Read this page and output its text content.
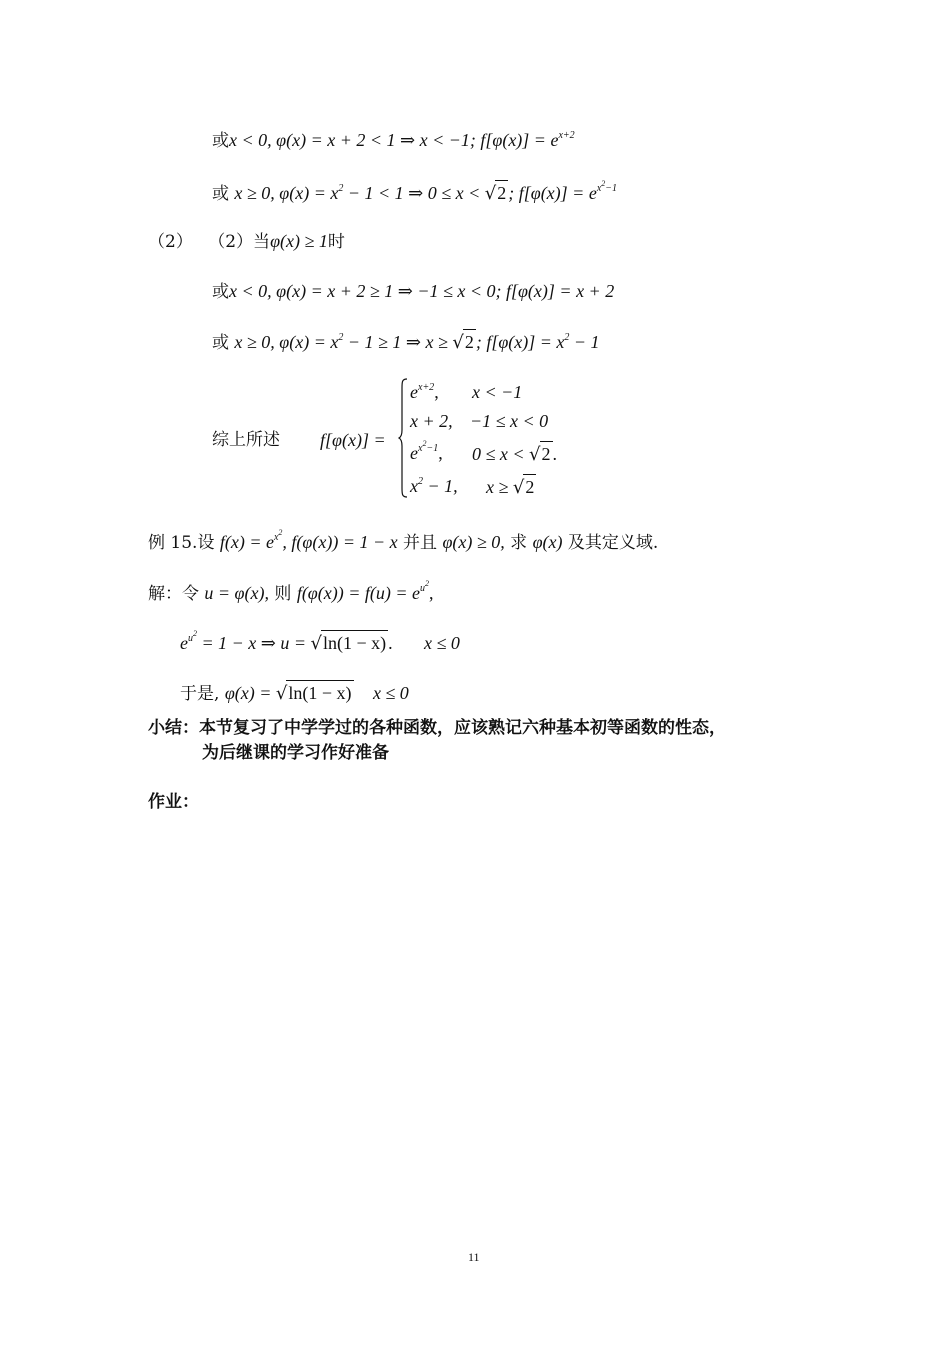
或x < 0, φ(x) = x + 2 < 1 ⇒ x < −1; $f[\varphi(x)] = e^{x+2}$
或 x ≥ 0, $\varphi(x) = x^2 - 1 < 1$ ⇒ 0 ≤ x < √2 ; $f[\varphi(x)] = e^{x^2-1}$
（2） （2）当φ(x) ≥ 1时
或x < 0, φ(x) = x + 2 ≥ 1 ⇒ −1 ≤ x < 0; f[φ(x)] = x + 2
或 x ≥ 0, $\varphi(x) = x^2 - 1 \ge 1$ ⇒ x ≥ √2 ; $f[\varphi(x)] = x^2 - 1$
综上所述 f[φ(x)] =
$e^{x+2}$, x < −1
x + 2, −1 ≤ x < 0
$e^{x^2-1}$, 0 ≤ x < √2 .
$x^2 - 1$, x ≥ √2
例 15.设 $f(x) = e^{x^2}$, f(φ(x)) = 1 − x 并且 φ(x) ≥ 0, 求 φ(x) 及其定义域.
解：令 u = φ(x), 则 $f(\varphi(x)) = f(u) = e^{u^2}$,
$e^{u^2} = 1 - x$ ⇒ u = √ln(1 − x) . x ≤ 0
于是, φ(x) = √ln(1 − x) x ≤ 0
小结：本节复习了中学学过的各种函数，应该熟记六种基本初等函数的性态，
为后继课的学习作好准备
作业：
11
